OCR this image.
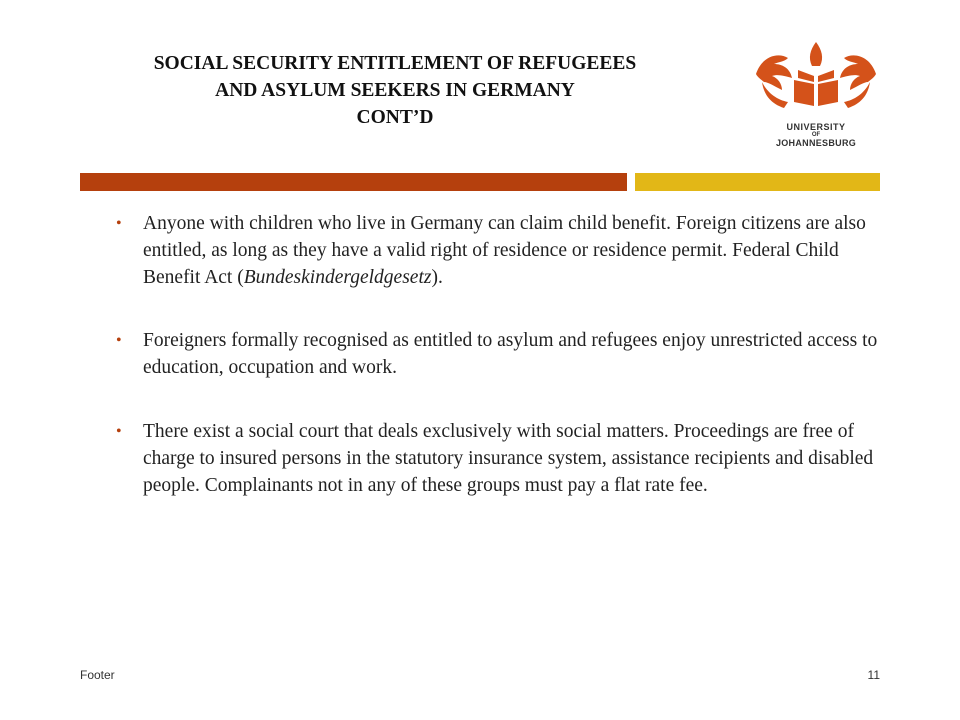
SOCIAL SECURITY ENTITLEMENT OF REFUGEEES
AND ASYLUM SEEKERS IN GERMANY
CONT’D	UNIVERSITY
OF
JOHANNESBURG
• Anyone with children who live in Germany can claim child benefit. Foreign citizens are also entitled, as long as they have a valid right of residence or residence permit. Federal Child Benefit Act (Bundeskindergeldgesetz).
• Foreigners formally recognised as entitled to asylum and refugees enjoy unrestricted access to education, occupation and work.
• There exist a social court that deals exclusively with social matters. Proceedings are free of charge to insured persons in the statutory insurance system, assistance recipients and disabled people. Complainants not in any of these groups must pay a flat rate fee.
Footer	11
